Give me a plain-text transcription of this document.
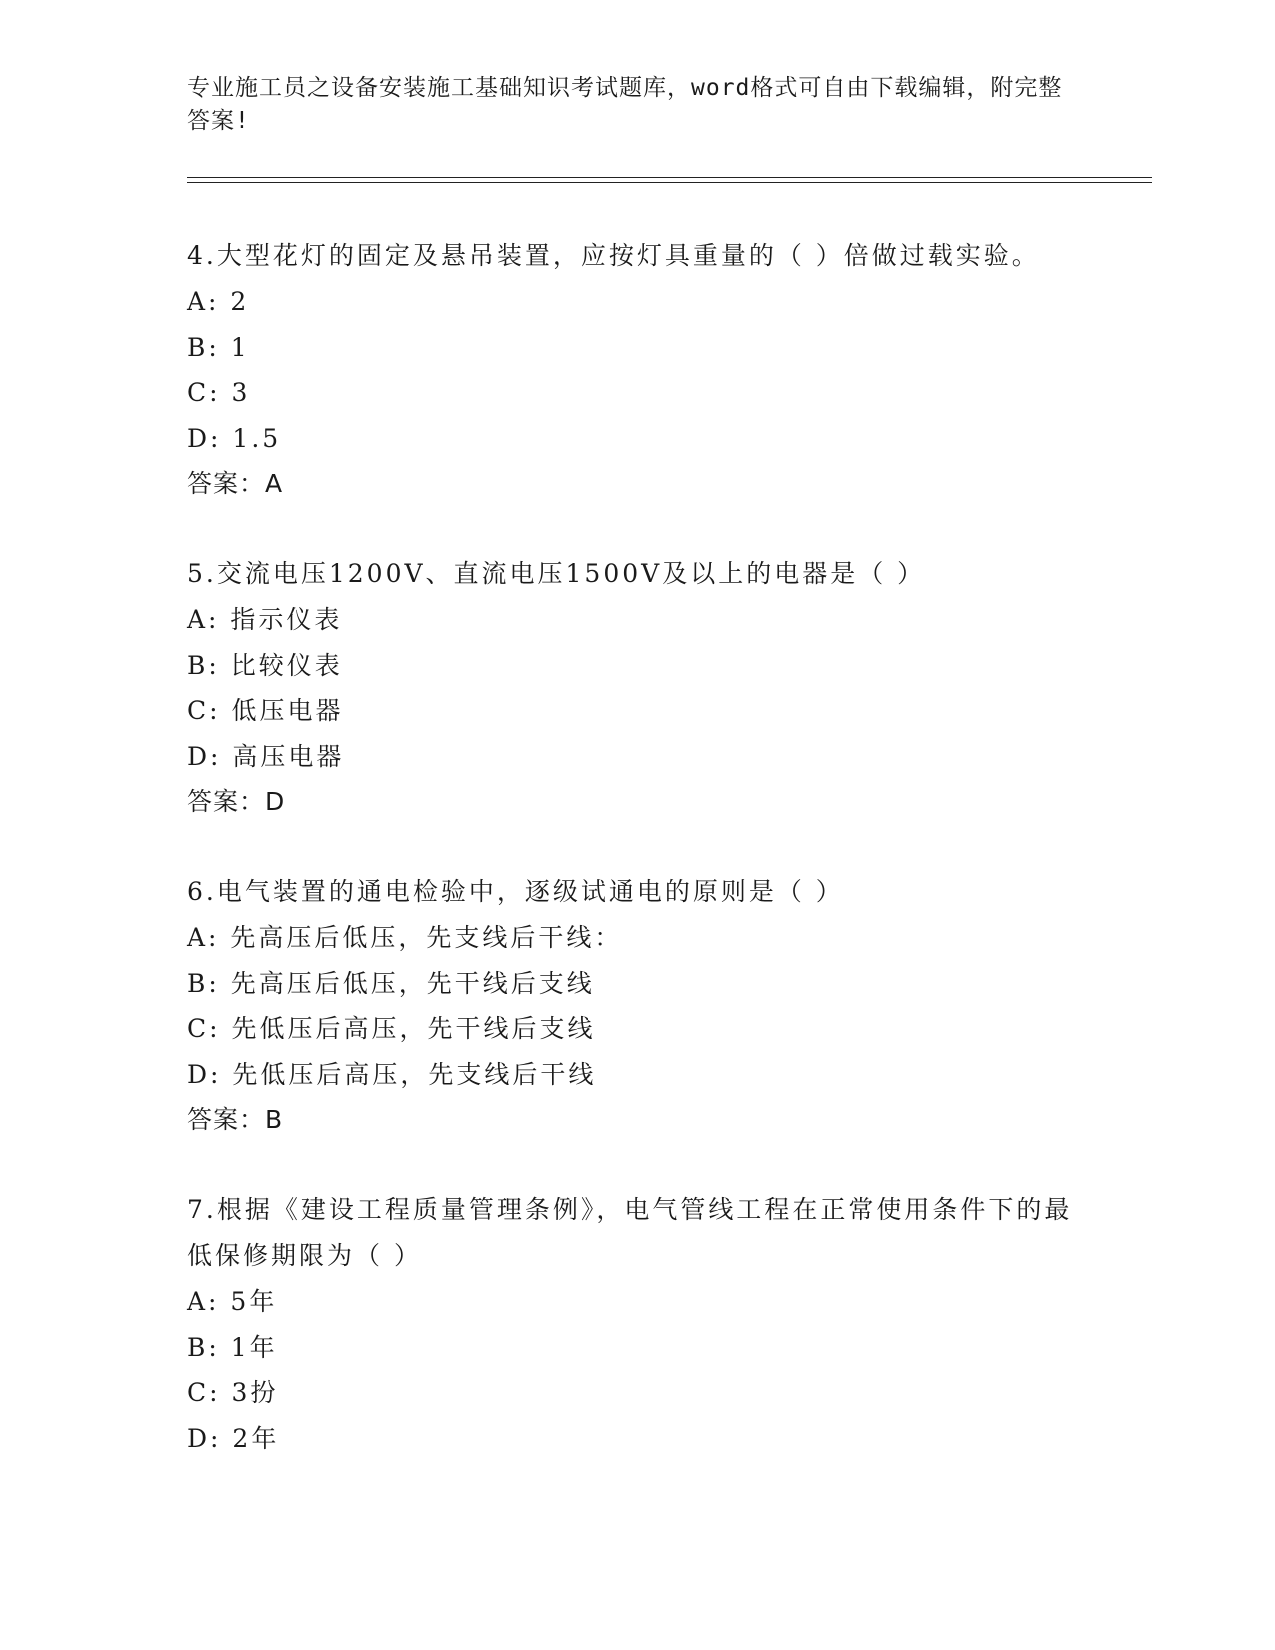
专业施工员之设备安装施工基础知识考试题库，word格式可自由下载编辑，附完整答案!
4.大型花灯的固定及悬吊装置，应按灯具重量的（ ）倍做过载实验。
A: 2
B: 1
C: 3
D: 1.5
答案：A
5.交流电压1200V、直流电压1500V及以上的电器是（ ）
A: 指示仪表
B: 比较仪表
C: 低压电器
D: 高压电器
答案：D
6.电气装置的通电检验中，逐级试通电的原则是（ ）
A: 先高压后低压，先支线后干线：
B: 先高压后低压，先干线后支线
C: 先低压后高压，先干线后支线
D: 先低压后高压，先支线后干线
答案：B
7.根据《建设工程质量管理条例》，电气管线工程在正常使用条件下的最低保修期限为（ ）
A: 5年
B: 1年
C: 3扮
D: 2年
